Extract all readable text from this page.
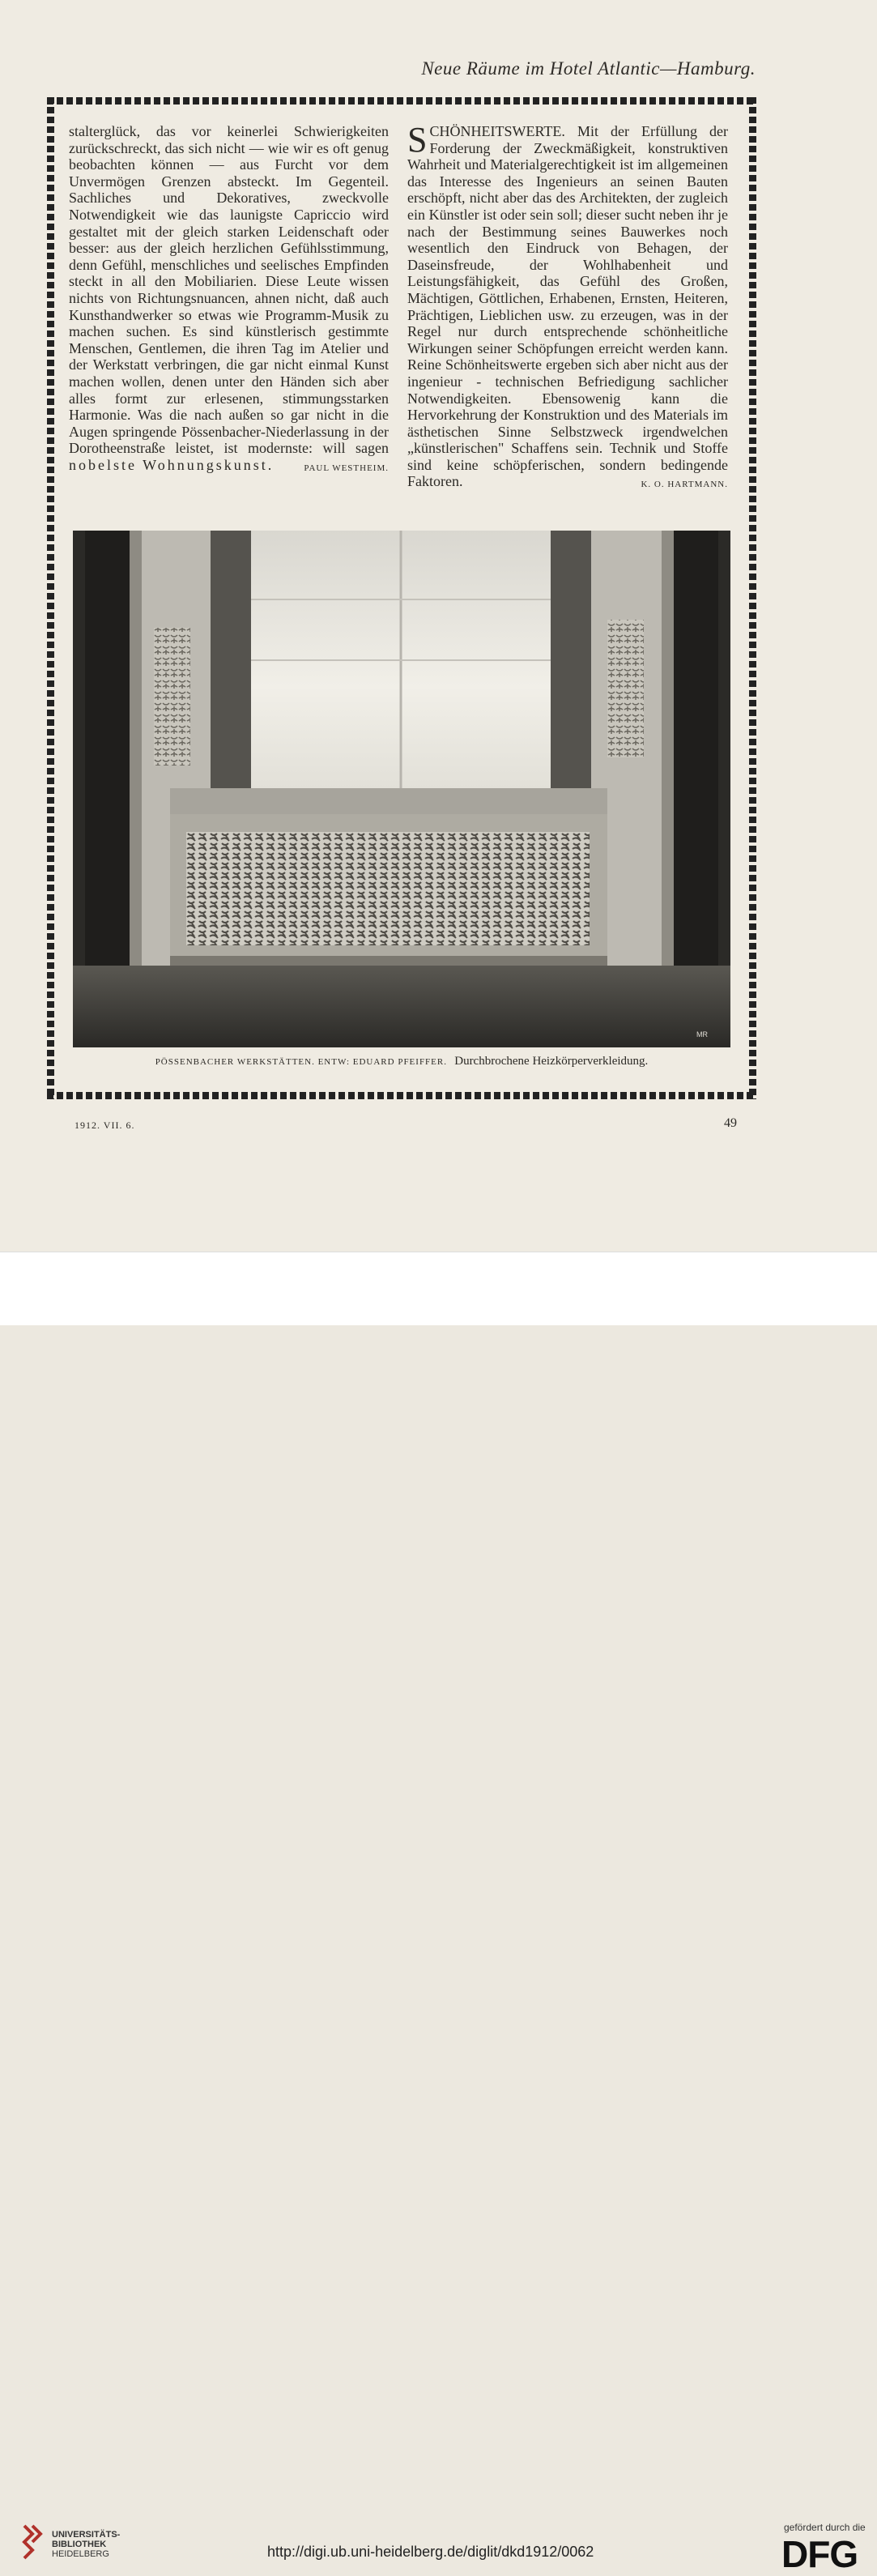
Neue Räume im Hotel Atlantic—Hamburg.
stalterglück, das vor keinerlei Schwierigkeiten zurückschreckt, das sich nicht — wie wir es oft genug beobachten können — aus Furcht vor dem Unvermögen Grenzen absteckt. Im Gegenteil. Sachliches und Dekoratives, zweckvolle Notwendigkeit wie das launigste Capriccio wird gestaltet mit der gleich starken Leidenschaft oder besser: aus der gleich herzlichen Gefühlsstimmung, denn Gefühl, menschliches und seelisches Empfinden steckt in all den Mobiliarien. Diese Leute wissen nichts von Richtungsnuancen, ahnen nicht, daß auch Kunsthandwerker so etwas wie Programm-Musik zu machen suchen. Es sind künstlerisch gestimmte Menschen, Gentlemen, die ihren Tag im Atelier und der Werkstatt verbringen, die gar nicht einmal Kunst machen wollen, denen unter den Händen sich aber alles formt zur erlesenen, stimmungsstarken Harmonie. Was die nach außen so gar nicht in die Augen springende Pössenbacher-Niederlassung in der Dorotheenstraße leistet, ist modernste: will sagen nobelste Wohnungskunst.	PAUL WESTHEIM.
SCHÖNHEITSWERTE. Mit der Erfüllung der Forderung der Zweckmäßigkeit, konstruktiven Wahrheit und Materialgerechtigkeit ist im allgemeinen das Interesse des Ingenieurs an seinen Bauten erschöpft, nicht aber das des Architekten, der zugleich ein Künstler ist oder sein soll; dieser sucht neben ihr je nach der Bestimmung seines Bauwerkes noch wesentlich den Eindruck von Behagen, der Daseinsfreude, der Wohlhabenheit und Leistungsfähigkeit, das Gefühl des Großen, Mächtigen, Göttlichen, Erhabenen, Ernsten, Heiteren, Prächtigen, Lieblichen usw. zu erzeugen, was in der Regel nur durch entsprechende schönheitliche Wirkungen seiner Schöpfungen erreicht werden kann. Reine Schönheitswerte ergeben sich aber nicht aus der ingenieur - technischen Befriedigung sachlicher Notwendigkeiten. Ebensowenig kann die Hervorkehrung der Konstruktion und des Materials im ästhetischen Sinne Selbstzweck irgendwelchen „künstlerischen" Schaffens sein. Technik und Stoffe sind keine schöpferischen, sondern bedingende Faktoren.	K. O. HARTMANN.
MR
PÖSSENBACHER WERKSTÄTTEN. ENTW: EDUARD PFEIFFER. Durchbrochene Heizkörperverkleidung.
1912. VII. 6.	49
UNIVERSITÄTS-
BIBLIOTHEK
HEIDELBERG	http://digi.ub.uni-heidelberg.de/diglit/dkd1912/0062
gefördert durch die
DFG
